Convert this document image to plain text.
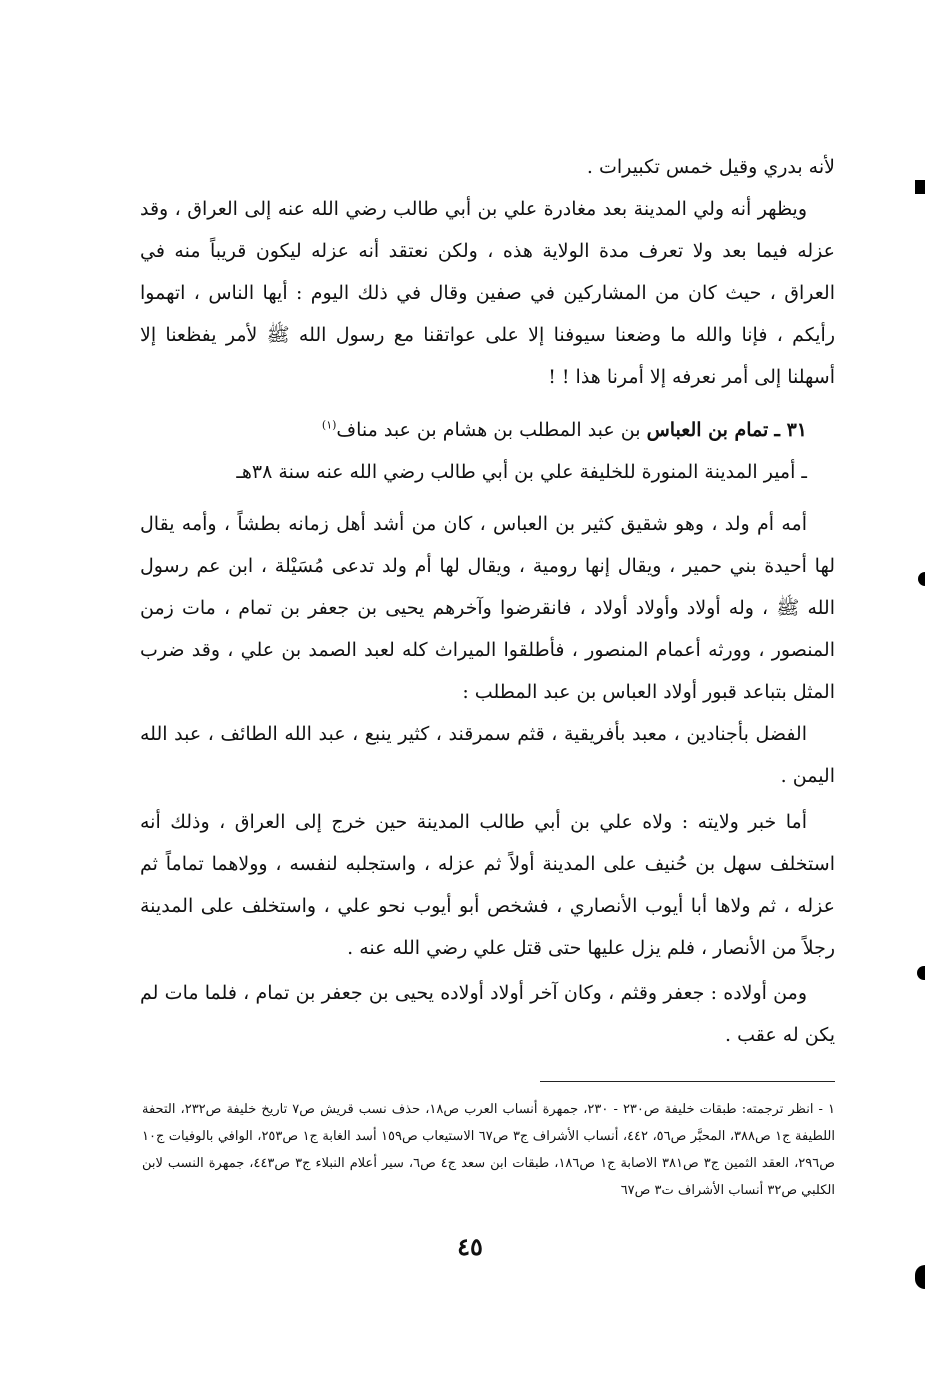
لأنه بدري وقيل خمس تكبيرات .

ويظهر أنه ولي المدينة بعد مغادرة علي بن أبي طالب رضي الله عنه إلى العراق ، وقد عزله فيما بعد ولا تعرف مدة الولاية هذه ، ولكن نعتقد أنه عزله ليكون قريباً منه في العراق ، حيث كان من المشاركين في صفين وقال في ذلك اليوم : أيها الناس ، اتهموا رأيكم ، فإنا والله ما وضعنا سيوفنا إلا على عواتقنا مع رسول الله ﷺ لأمر يفظعنا إلا أسهلنا إلى أمر نعرفه إلا أمرنا هذا ! !

٣١ ـ تمام بن العباس بن عبد المطلب بن هشام بن عبد مناف$^{(١)}$

ـ أمير المدينة المنورة للخليفة علي بن أبي طالب رضي الله عنه سنة ٣٨هـ

أمه أم ولد ، وهو شقيق كثير بن العباس ، كان من أشد أهل زمانه بطشاً ، وأمه يقال لها أحيدة بني حمير ، ويقال إنها رومية ، ويقال لها أم ولد تدعى مُسَيْلة ، ابن عم رسول الله ﷺ ، وله أولاد وأولاد أولاد ، فانقرضوا وآخرهم يحيى بن جعفر بن تمام ، مات زمن المنصور ، وورثه أعمام المنصور ، فأطلقوا الميراث كله لعبد الصمد بن علي ، وقد ضرب المثل بتباعد قبور أولاد العباس بن عبد المطلب :

الفضل بأجنادين ، معبد بأفريقية ، قثم سمرقند ، كثير ينبع ، عبد الله الطائف ، عبد الله اليمن .

أما خبر ولايته : ولاه علي بن أبي طالب المدينة حين خرج إلى العراق ، وذلك أنه استخلف سهل بن حُنيف على المدينة أولاً ثم عزله ، واستجلبه لنفسه ، وولاهما تماماً ثم عزله ، ثم ولاها أبا أيوب الأنصاري ، فشخص أبو أيوب نحو علي ، واستخلف على المدينة رجلاً من الأنصار ، فلم يزل عليها حتى قتل علي رضي الله عنه .

ومن أولاده : جعفر وقثم ، وكان آخر أولاد أولاده يحيى بن جعفر بن تمام ، فلما مات لم يكن له عقب .

١ - انظر ترجمته: طبقات خليفة ص٢٣٠ - ٢٣٠، جمهرة أنساب العرب ص١٨، حذف نسب قريش ص٧ تاريخ خليفة ص٢٣٢، التحفة اللطيفة ج١ ص٣٨٨، المحبَّر ص٥٦، ٤٤٢، أنساب الأشراف ج٣ ص٦٧ الاستيعاب ص١٥٩ أسد الغابة ج١ ص٢٥٣، الوافي بالوفيات ج١٠ ص٢٩٦، العقد الثمين ج٣ ص٣٨١ الاصابة ج١ ص١٨٦، طبقات ابن سعد ج٤ ص٦، سير أعلام النبلاء ج٣ ص٤٤٣، جمهرة النسب لابن الكلبي ص٣٢ أنساب الأشراف ت٣ ص٦٧

٤٥
